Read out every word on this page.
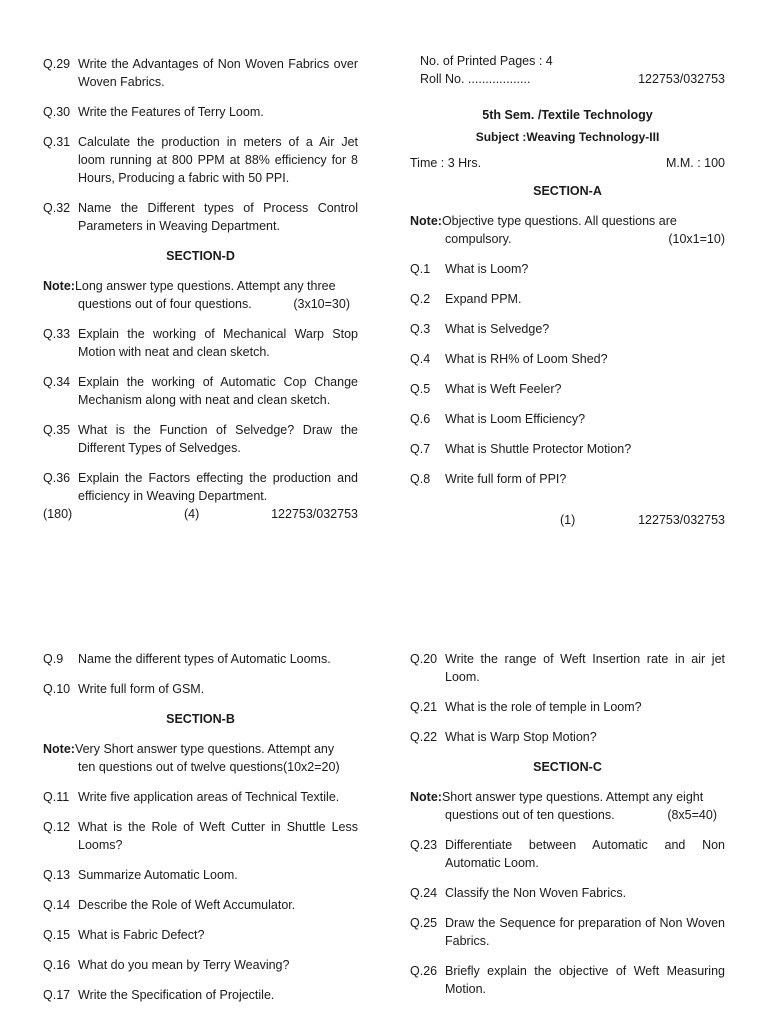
Q.29 Write the Advantages of Non Woven Fabrics over Woven Fabrics.
Q.30 Write the Features of Terry Loom.
Q.31 Calculate the production in meters of a Air Jet loom running at 800 PPM at 88% efficiency for 8 Hours, Producing a fabric with 50 PPI.
Q.32 Name the Different types of Process Control Parameters in Weaving Department.
SECTION-D
Note:Long answer type questions. Attempt any three
questions out of four questions.	(3x10=30)
Q.33 Explain the working of Mechanical Warp Stop Motion with neat and clean sketch.
Q.34 Explain the working of Automatic Cop Change Mechanism along with neat and clean sketch.
Q.35 What is the Function of Selvedge? Draw the Different Types of Selvedges.
Q.36 Explain the Factors effecting the production and efficiency in Weaving Department.
(180)	(4)	122753/032753
No. of Printed Pages : 4
Roll No. ..................	122753/032753
5th Sem. /Textile Technology
Subject :Weaving Technology-III
Time : 3 Hrs.	M.M. : 100
SECTION-A
Note:Objective type questions. All questions are
compulsory.	(10x1=10)
Q.1	What is Loom?
Q.2	Expand PPM.
Q.3	What is Selvedge?
Q.4	What is RH% of Loom Shed?
Q.5	What is Weft Feeler?
Q.6	What is Loom Efficiency?
Q.7	What is Shuttle Protector Motion?
Q.8	Write full form of PPI?
(1)	122753/032753
Q.9	Name the different types of Automatic Looms.
Q.10 Write full form of GSM.
SECTION-B
Note:Very Short answer type questions. Attempt any
ten questions out of twelve questions(10x2=20)
Q.11 Write five application areas of Technical Textile.
Q.12 What is the Role of Weft Cutter in Shuttle Less Looms?
Q.13 Summarize Automatic Loom.
Q.14 Describe the Role of Weft Accumulator.
Q.15 What is Fabric Defect?
Q.16 What do you mean by Terry Weaving?
Q.17 Write the Specification of Projectile.
Q.20 Write the range of Weft Insertion rate in air jet Loom.
Q.21 What is the role of temple in Loom?
Q.22 What is Warp Stop Motion?
SECTION-C
Note:Short answer type questions. Attempt any eight
questions out of ten questions.	(8x5=40)
Q.23 Differentiate between Automatic and Non Automatic Loom.
Q.24 Classify the Non Woven Fabrics.
Q.25 Draw the Sequence for preparation of Non Woven Fabrics.
Q.26 Briefly explain the objective of Weft Measuring Motion.
